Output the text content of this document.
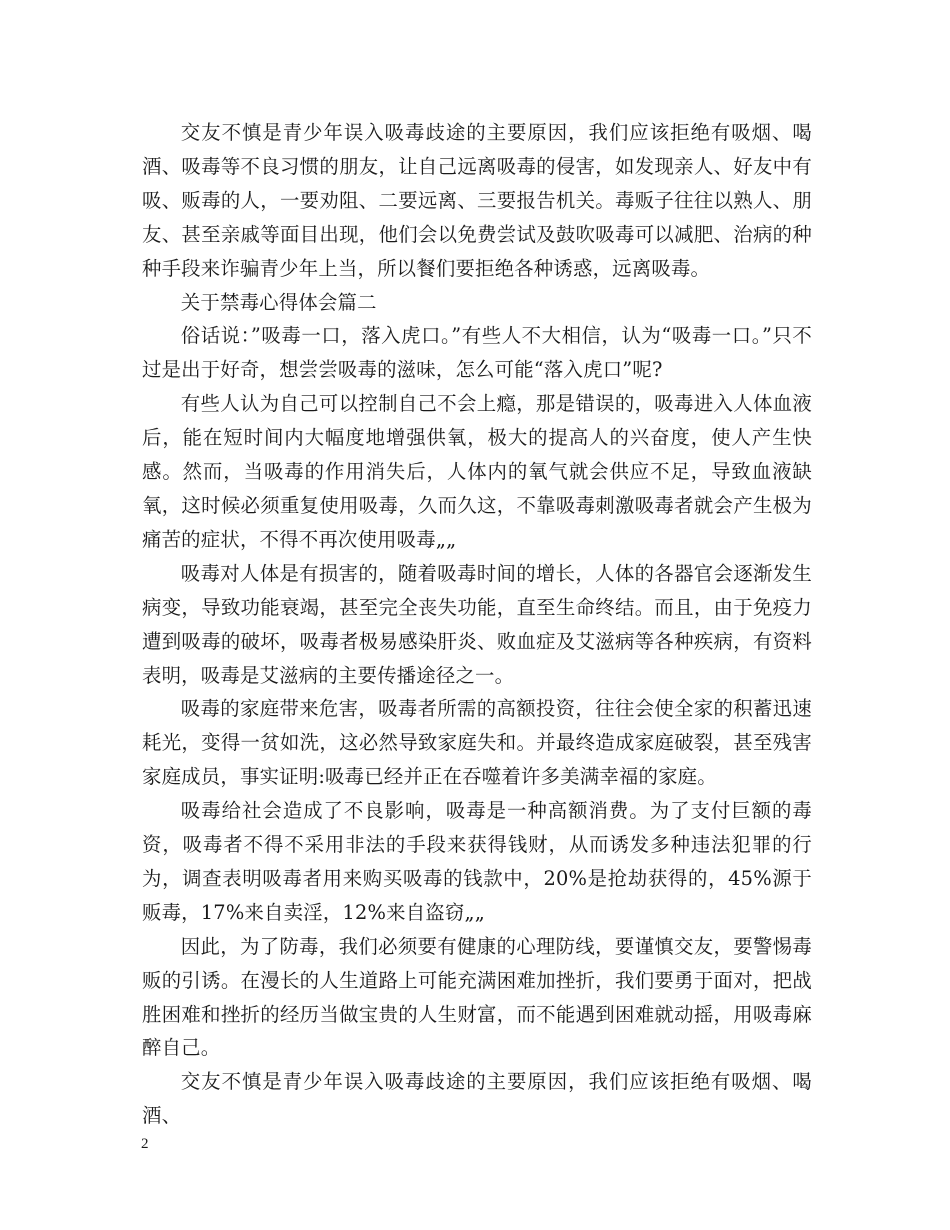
交友不慎是青少年误入吸毒歧途的主要原因，我们应该拒绝有吸烟、喝酒、吸毒等不良习惯的朋友，让自己远离吸毒的侵害，如发现亲人、好友中有吸、贩毒的人，一要劝阻、二要远离、三要报告机关。毒贩子往往以熟人、朋友、甚至亲戚等面目出现，他们会以免费尝试及鼓吹吸毒可以减肥、治病的种种手段来诈骗青少年上当，所以餐们要拒绝各种诱惑，远离吸毒。

关于禁毒心得体会篇二

俗话说：”吸毒一口，落入虎口。”有些人不大相信，认为“吸毒一口。”只不过是出于好奇，想尝尝吸毒的滋味，怎么可能“落入虎口”呢?

有些人认为自己可以控制自己不会上瘾，那是错误的，吸毒进入人体血液后，能在短时间内大幅度地增强供氧，极大的提高人的兴奋度，使人产生快感。然而，当吸毒的作用消失后，人体内的氧气就会供应不足，导致血液缺氧，这时候必须重复使用吸毒，久而久这，不靠吸毒刺激吸毒者就会产生极为痛苦的症状，不得不再次使用吸毒„„

吸毒对人体是有损害的，随着吸毒时间的增长，人体的各器官会逐渐发生病变，导致功能衰竭，甚至完全丧失功能，直至生命终结。而且，由于免疫力遭到吸毒的破坏，吸毒者极易感染肝炎、败血症及艾滋病等各种疾病，有资料表明，吸毒是艾滋病的主要传播途径之一。

吸毒的家庭带来危害，吸毒者所需的高额投资，往往会使全家的积蓄迅速耗光，变得一贫如洗，这必然导致家庭失和。并最终造成家庭破裂，甚至残害家庭成员，事实证明:吸毒已经并正在吞噬着许多美满幸福的家庭。

吸毒给社会造成了不良影响，吸毒是一种高额消费。为了支付巨额的毒资，吸毒者不得不采用非法的手段来获得钱财，从而诱发多种违法犯罪的行为，调查表明吸毒者用来购买吸毒的钱款中，20%是抢劫获得的，45%源于贩毒，17%来自卖淫，12%来自盗窃„„

因此，为了防毒，我们必须要有健康的心理防线，要谨慎交友，要警惕毒贩的引诱。在漫长的人生道路上可能充满困难加挫折，我们要勇于面对，把战胜困难和挫折的经历当做宝贵的人生财富，而不能遇到困难就动摇，用吸毒麻醉自己。

交友不慎是青少年误入吸毒歧途的主要原因，我们应该拒绝有吸烟、喝酒、

2
